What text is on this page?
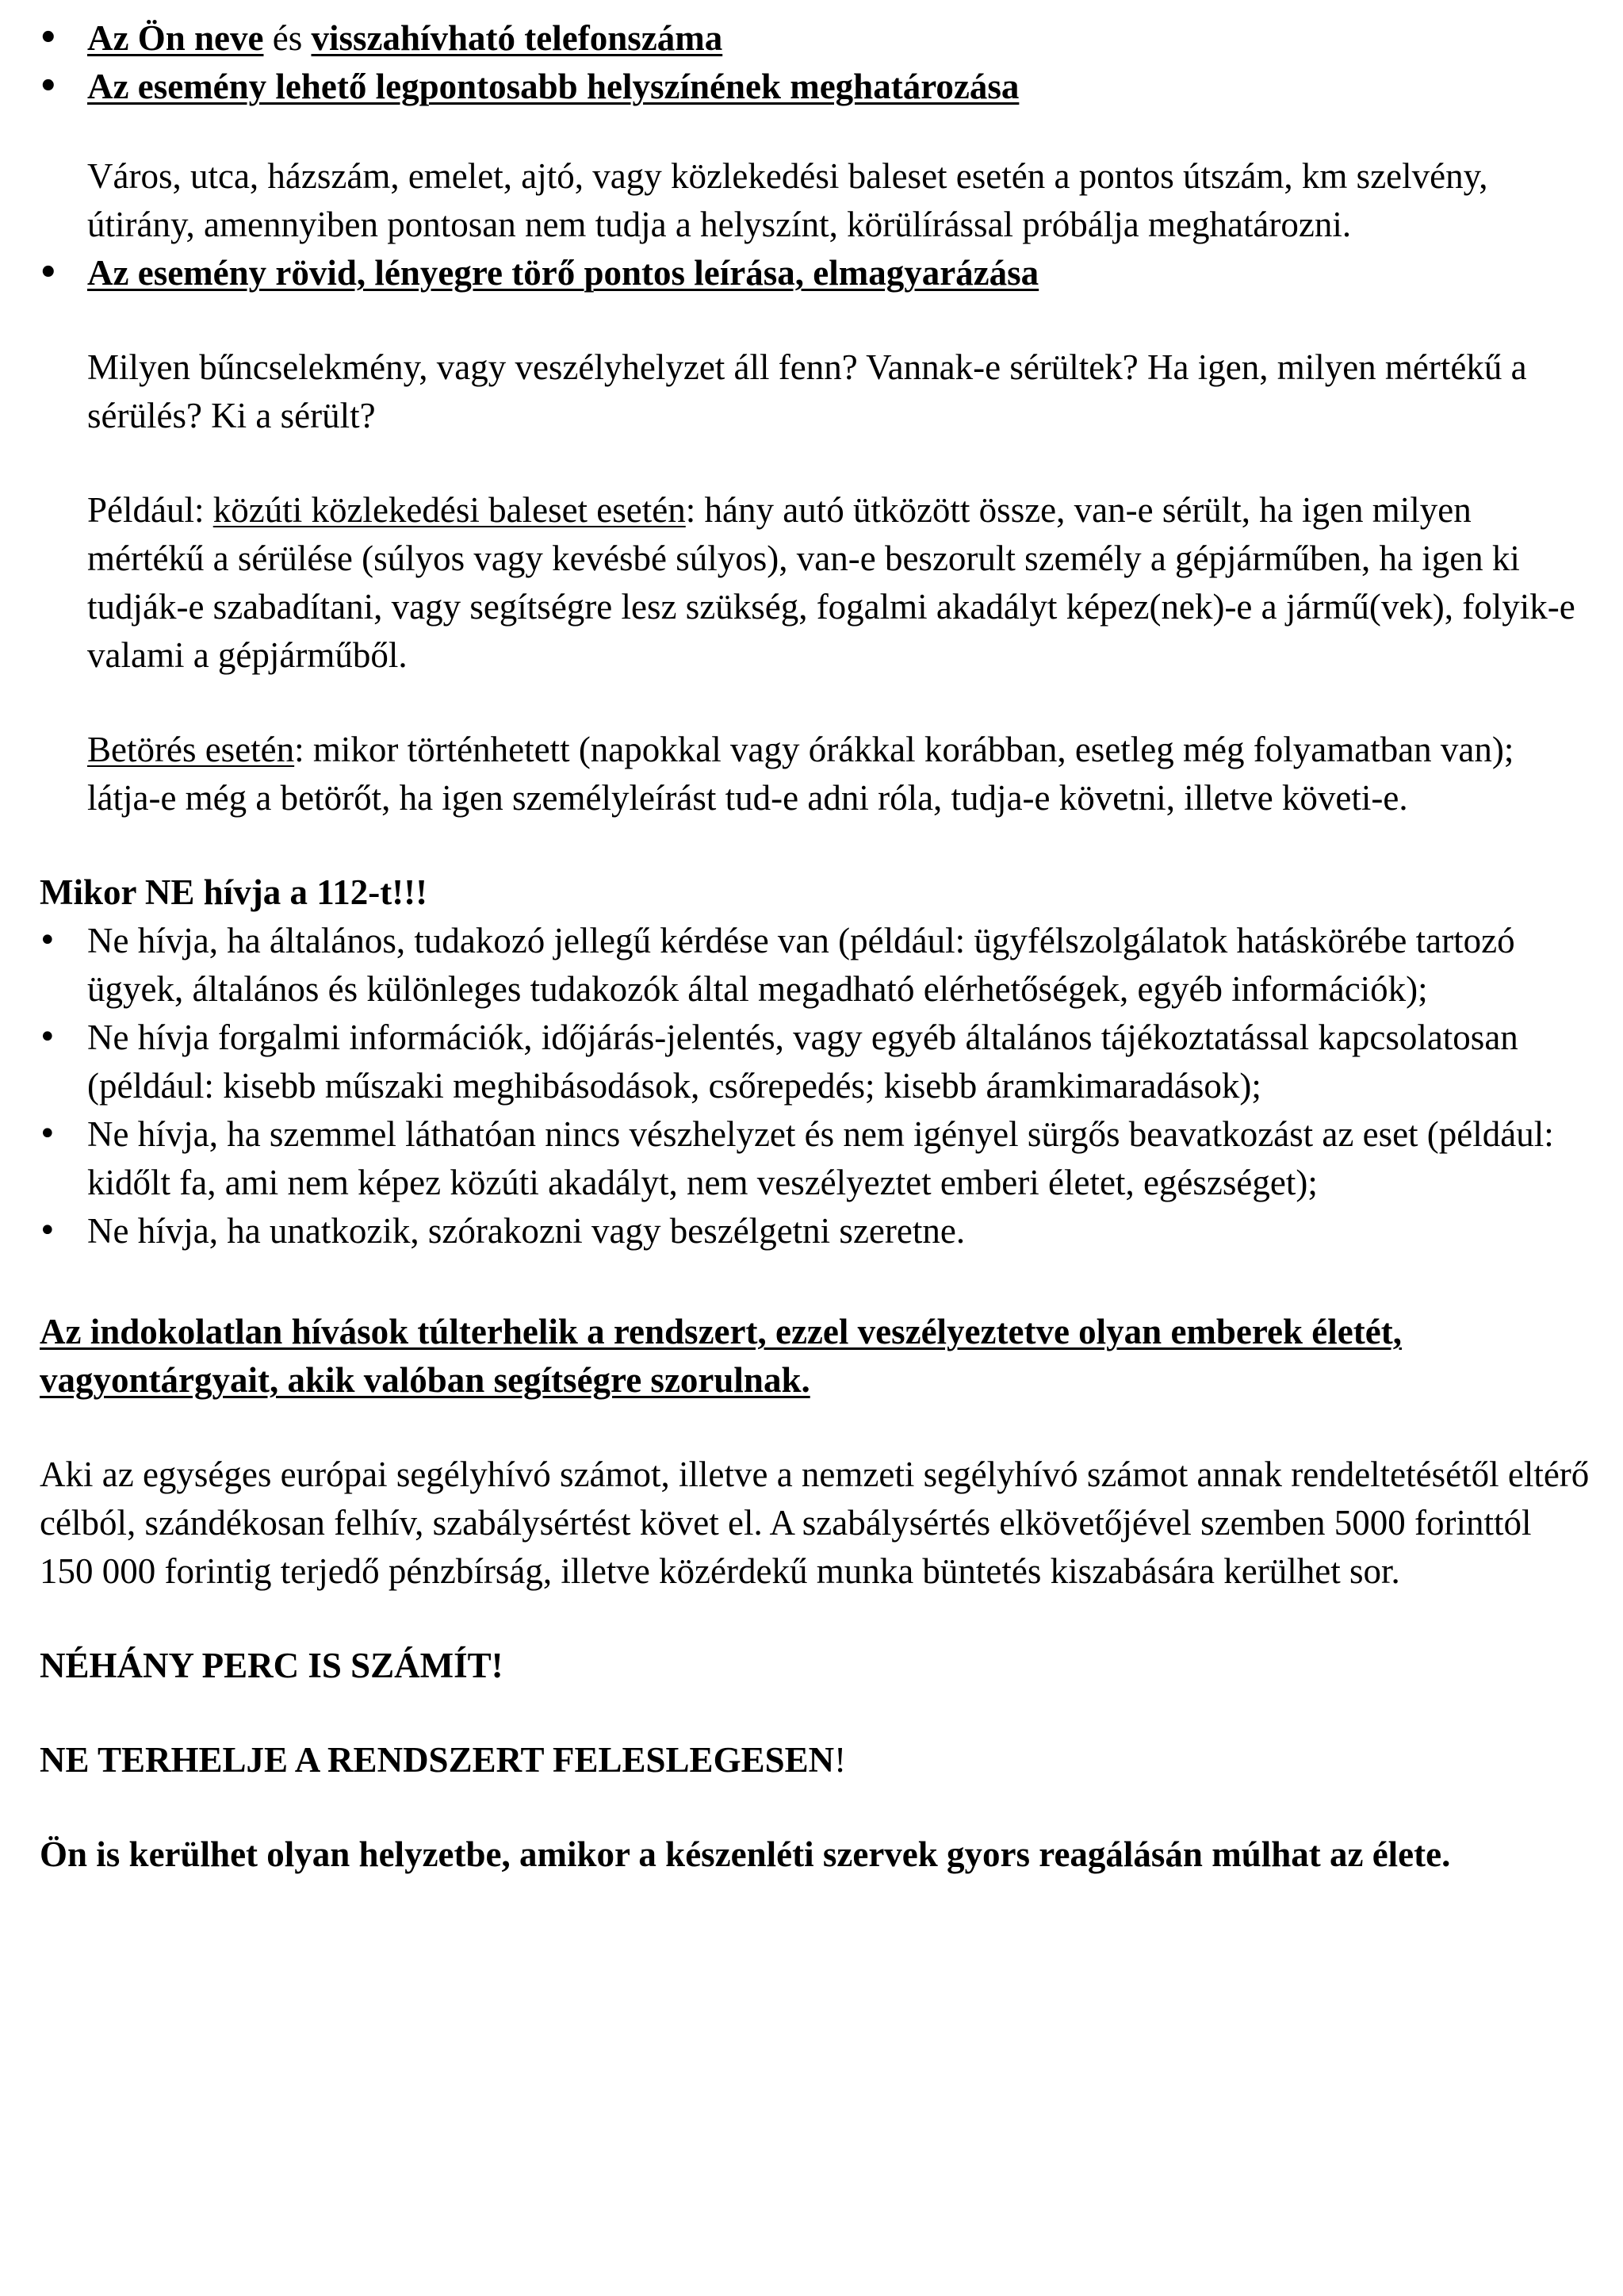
• Az Ön neve és visszahívható telefonszáma
• Az esemény lehető legpontosabb helyszínének meghatározása

Város, utca, házszám, emelet, ajtó, vagy közlekedési baleset esetén a pontos útszám, km szelvény, útirány, amennyiben pontosan nem tudja a helyszínt, körülírással próbálja meghatározni.

• Az esemény rövid, lényegre törő pontos leírása, elmagyarázása

Milyen bűncselekmény, vagy veszélyhelyzet áll fenn? Vannak-e sérültek? Ha igen, milyen mértékű a sérülés? Ki a sérült?

Például: közúti közlekedési baleset esetén: hány autó ütközött össze, van-e sérült, ha igen milyen mértékű a sérülése (súlyos vagy kevésbé súlyos), van-e beszorult személy a gépjárműben, ha igen ki tudják-e szabadítani, vagy segítségre lesz szükség, fogalmi akadályt képez(nek)-e a jármű(vek), folyik-e valami a gépjárműből.

Betörés esetén: mikor történhetett (napokkal vagy órákkal korábban, esetleg még folyamatban van); látja-e még a betörőt, ha igen személyleírást tud-e adni róla, tudja-e követni, illetve követi-e.

Mikor NE hívja a 112-t!!!

• Ne hívja, ha általános, tudakozó jellegű kérdése van (például: ügyfélszolgálatok hatáskörébe tartozó ügyek, általános és különleges tudakozók által megadható elérhetőségek, egyéb információk);
• Ne hívja forgalmi információk, időjárás-jelentés, vagy egyéb általános tájékoztatással kapcsolatosan (például: kisebb műszaki meghibásodások, csőrepedés; kisebb áramkimaradások);
• Ne hívja, ha szemmel láthatóan nincs vészhelyzet és nem igényel sürgős beavatkozást az eset (például: kidőlt fa, ami nem képez közúti akadályt, nem veszélyeztet emberi életet, egészséget);
• Ne hívja, ha unatkozik, szórakozni vagy beszélgetni szeretne.

Az indokolatlan hívások túlterhelik a rendszert, ezzel veszélyeztetve olyan emberek életét, vagyontárgyait, akik valóban segítségre szorulnak.

Aki az egységes európai segélyhívó számot, illetve a nemzeti segélyhívó számot annak rendeltetésétől eltérő célból, szándékosan felhív, szabálysértést követ el. A szabálysértés elkövetőjével szemben 5000 forinttól 150 000 forintig terjedő pénzbírság, illetve közérdekű munka büntetés kiszabására kerülhet sor.

NÉHÁNY PERC IS SZÁMÍT!

NE TERHELJE A RENDSZERT FELESLEGESEN!

Ön is kerülhet olyan helyzetbe, amikor a készenléti szervek gyors reagálásán múlhat az élete.
